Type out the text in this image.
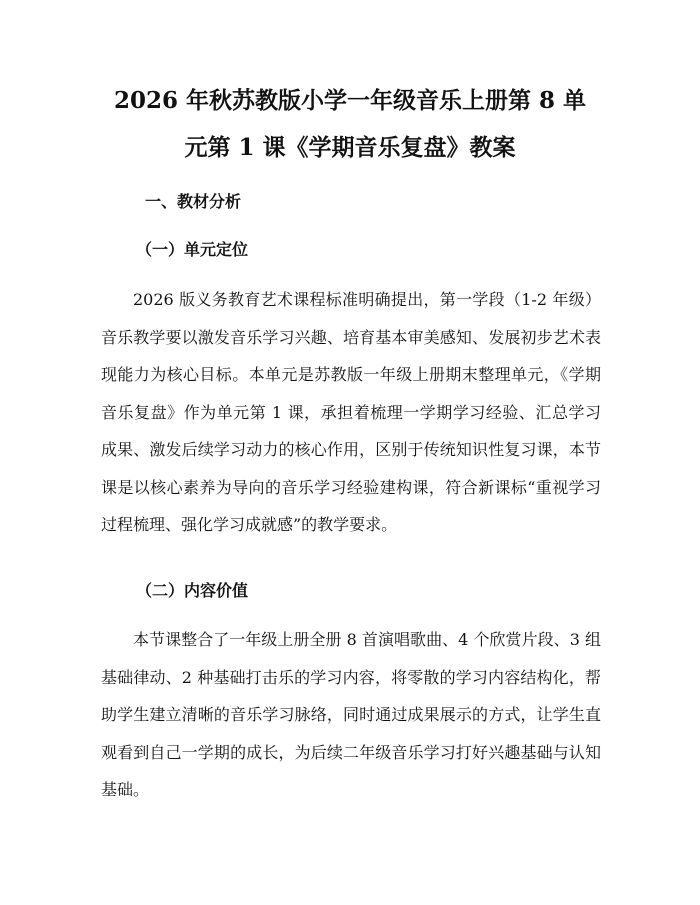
2026 年秋苏教版小学一年级音乐上册第 8 单
元第 1 课《学期音乐复盘》教案
一、教材分析
（一）单元定位

2026 版义务教育艺术课程标准明确提出，第一学段（1-2 年级）音乐教学要以激发音乐学习兴趣、培育基本审美感知、发展初步艺术表现能力为核心目标。本单元是苏教版一年级上册期末整理单元，《学期音乐复盘》作为单元第 1 课，承担着梳理一学期学习经验、汇总学习成果、激发后续学习动力的核心作用，区别于传统知识性复习课，本节课是以核心素养为导向的音乐学习经验建构课，符合新课标“重视学习过程梳理、强化学习成就感”的教学要求。

（二）内容价值

本节课整合了一年级上册全册 8 首演唱歌曲、4 个欣赏片段、3 组基础律动、2 种基础打击乐的学习内容，将零散的学习内容结构化，帮助学生建立清晰的音乐学习脉络，同时通过成果展示的方式，让学生直观看到自己一学期的成长，为后续二年级音乐学习打好兴趣基础与认知基础。
